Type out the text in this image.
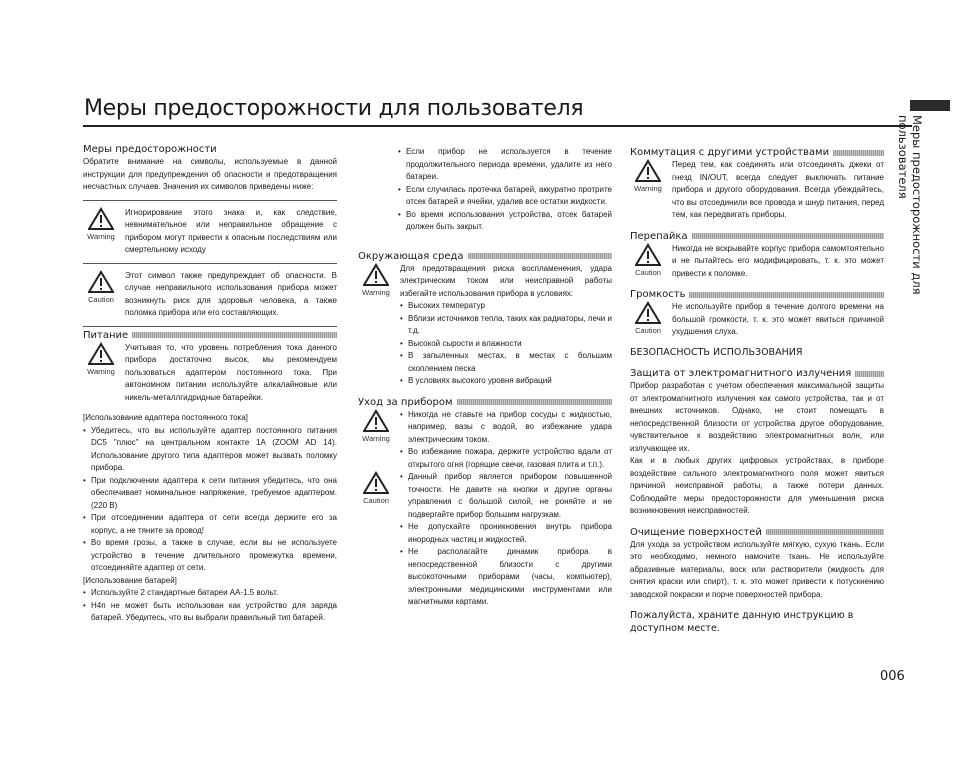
Меры предосторожности для пользователя
Меры предосторожности для пользователя
Меры предосторожности

Обратите внимание на символы, используемые в данной инструкции для предупреждения об опасности и предотвращения несчастных случаев. Значения их символов приведены ниже:

Warning

Игнорирование этого знака и, как следствие, невнимательное или неправильное обращение с прибором могут привести к опасным последствиям или смертельному исходу

Caution

Этот символ также предупреждает об опасности. В случае неправильного использования прибора может возникнуть риск для здоровья человека, а также поломка прибора или его составляющих.

Питание
Warning

Учитывая то, что уровень потребления тока данного прибора достаточно высок, мы рекомендуем пользоваться адаптером постоянного тока. При автономном питании используйте алкалайновые или никель-металлгидридные батарейки.

[Использование адаптера постоянного тока]
• Убедитесь, что вы используйте адаптер постоянного питания DC5 "плюс" на центральном контакте 1A (ZOOM AD 14). Использование другого типа адаптеров может вызвать поломку прибора.
• При подключении адаптера к сети питания убедитесь, что она обеспечивает номинальное напряжение, требуемое адаптером. (220 В)
• При отсоединении адаптера от сети всегда держите его за корпус, а не тяните за провод!
• Во время грозы, а также в случае, если вы не используете устройство в течение длительного промежутка времени, отсоединяйте адаптер от сети.
[Использование батарей]
• Используйте 2 стандартные батареи AA-1.5 вольт.
• H4n не может быть использован как устройство для заряда батарей. Убедитесь, что вы выбрали правильный тип батарей.
• Если прибор не используется в течение продолжительного периода времени, удалите из него батареи.
• Если случилась протечка батарей, аккуратно протрите отсек батарей и ячейки, удалив все остатки жидкости.
• Во время использования устройства, отсек батарей должен быть закрыт.
Окружающая среда
Warning

Для предотвращения риска воспламенения, удара электрическим током или неисправной работы избегайте использования прибора в условиях:

• Высоких температур
• Вблизи источников тепла, таких как радиаторы, печи и т.д.
• Высокой сырости и влажности
• В запыленных местах, в местах с большим скоплением песка
• В условиях высокого уровня вибраций
Уход за прибором
Warning
• Никогда не ставьте на прибор сосуды с жидкостью, например, вазы с водой, во избежание удара электрическим током.
• Во избежание пожара, держите устройство вдали от открытого огня (горящие свечи, газовая плита и т.п.).
Caution
• Данный прибор является прибором повышенной точности. Не давите на кнопки и другие органы управления с большой силой, не роняйте и не подвергайте прибор большим нагрузкам.
• Не допускайте проникновения внутрь прибора инородных частиц и жидкостей.
• Не располагайте динамик прибора в непосредственной близости с другими высокоточными приборами (часы, компьютер), электронными медицинскими инструментами или магнитными картами.
Коммутация с другими устройствами
Warning

Перед тем, как соединять или отсоединять джеки от гнезд IN/OUT, всегда следует выключать питание прибора и другого оборудования. Всегда убеждайтесь, что вы отсоединили все провода и шнур питания, перед тем, как передвигать приборы.

Перепайка
Caution

Никогда не вскрывайте корпус прибора самомтоятельно и не пытайтесь его модифицировать, т. к. это может привести к поломке.

Громкость
Caution

Не используйте прибор в течение долгого времени на большой громкости, т. к. это может явиться причиной ухудшения слуха.

БЕЗОПАСНОСТЬ ИСПОЛЬЗОВАНИЯ
Защита от электромагнитного излучения

Прибор разработан с учетом обеспечения максимальной защиты от электромагнитного излучения как самого устройства, так и от внешних источников. Однако, не стоит помещать в непосредственной близости от устройства другое оборудование, чувствительное к воздействию электромагнитных волн, или излучающее их.

Как и в любых других цифровых устройствах, в приборе воздействие сильного электромагнитного поля может явиться причиной неисправной работы, а также потери данных. Соблюдайте меры предосторожности для уменьшения риска возникновения неисправностей.

Очищение поверхностей

Для ухода за устройством используйте мягкую, сухую ткань. Если это необходимо, немного намочите ткань. Не используйте абразивные материалы, воск или растворители (жидкость для снятия краски или спирт), т. к. это может привести к потускнению заводской покраски и порче поверхностей прибора.

Пожалуйста, храните данную инструкцию в доступном месте.
006
